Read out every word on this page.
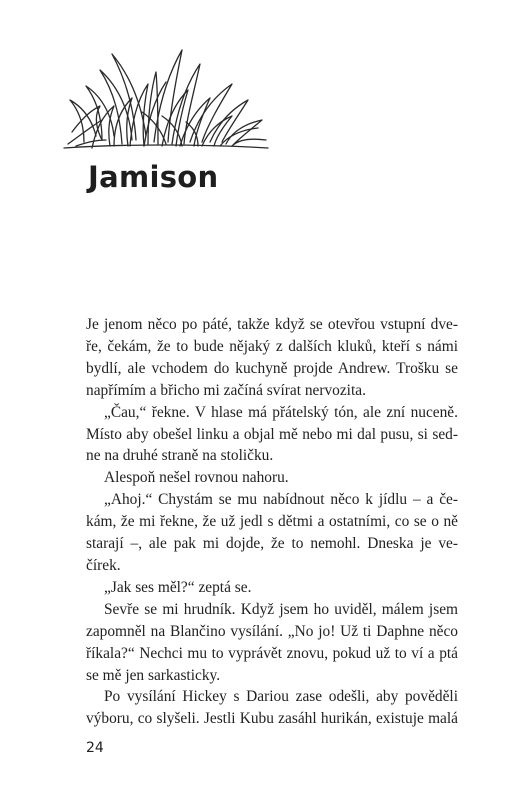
Jamison
Je jenom něco po páté, takže když se otevřou vstupní dve-
ře, čekám, že to bude nějaký z dalších kluků, kteří s námi
bydlí, ale vchodem do kuchyně projde Andrew. Trošku se
napřímím a břicho mi začíná svírat nervozita.
„Čau,“ řekne. V hlase má přátelský tón, ale zní nuceně.
Místo aby obešel linku a objal mě nebo mi dal pusu, si sed-
ne na druhé straně na stoličku.
Alespoň nešel rovnou nahoru.
„Ahoj.“ Chystám se mu nabídnout něco k jídlu – a če-
kám, že mi řekne, že už jedl s dětmi a ostatními, co se o ně
starají –, ale pak mi dojde, že to nemohl. Dneska je ve-
čírek.
„Jak ses měl?“ zeptá se.
Sevře se mi hrudník. Když jsem ho uviděl, málem jsem
zapomněl na Blančino vysílání. „No jo! Už ti Daphne něco
říkala?“ Nechci mu to vyprávět znovu, pokud už to ví a ptá
se mě jen sarkasticky.
Po vysílání Hickey s Dariou zase odešli, aby pověděli
výboru, co slyšeli. Jestli Kubu zasáhl hurikán, existuje malá
24
